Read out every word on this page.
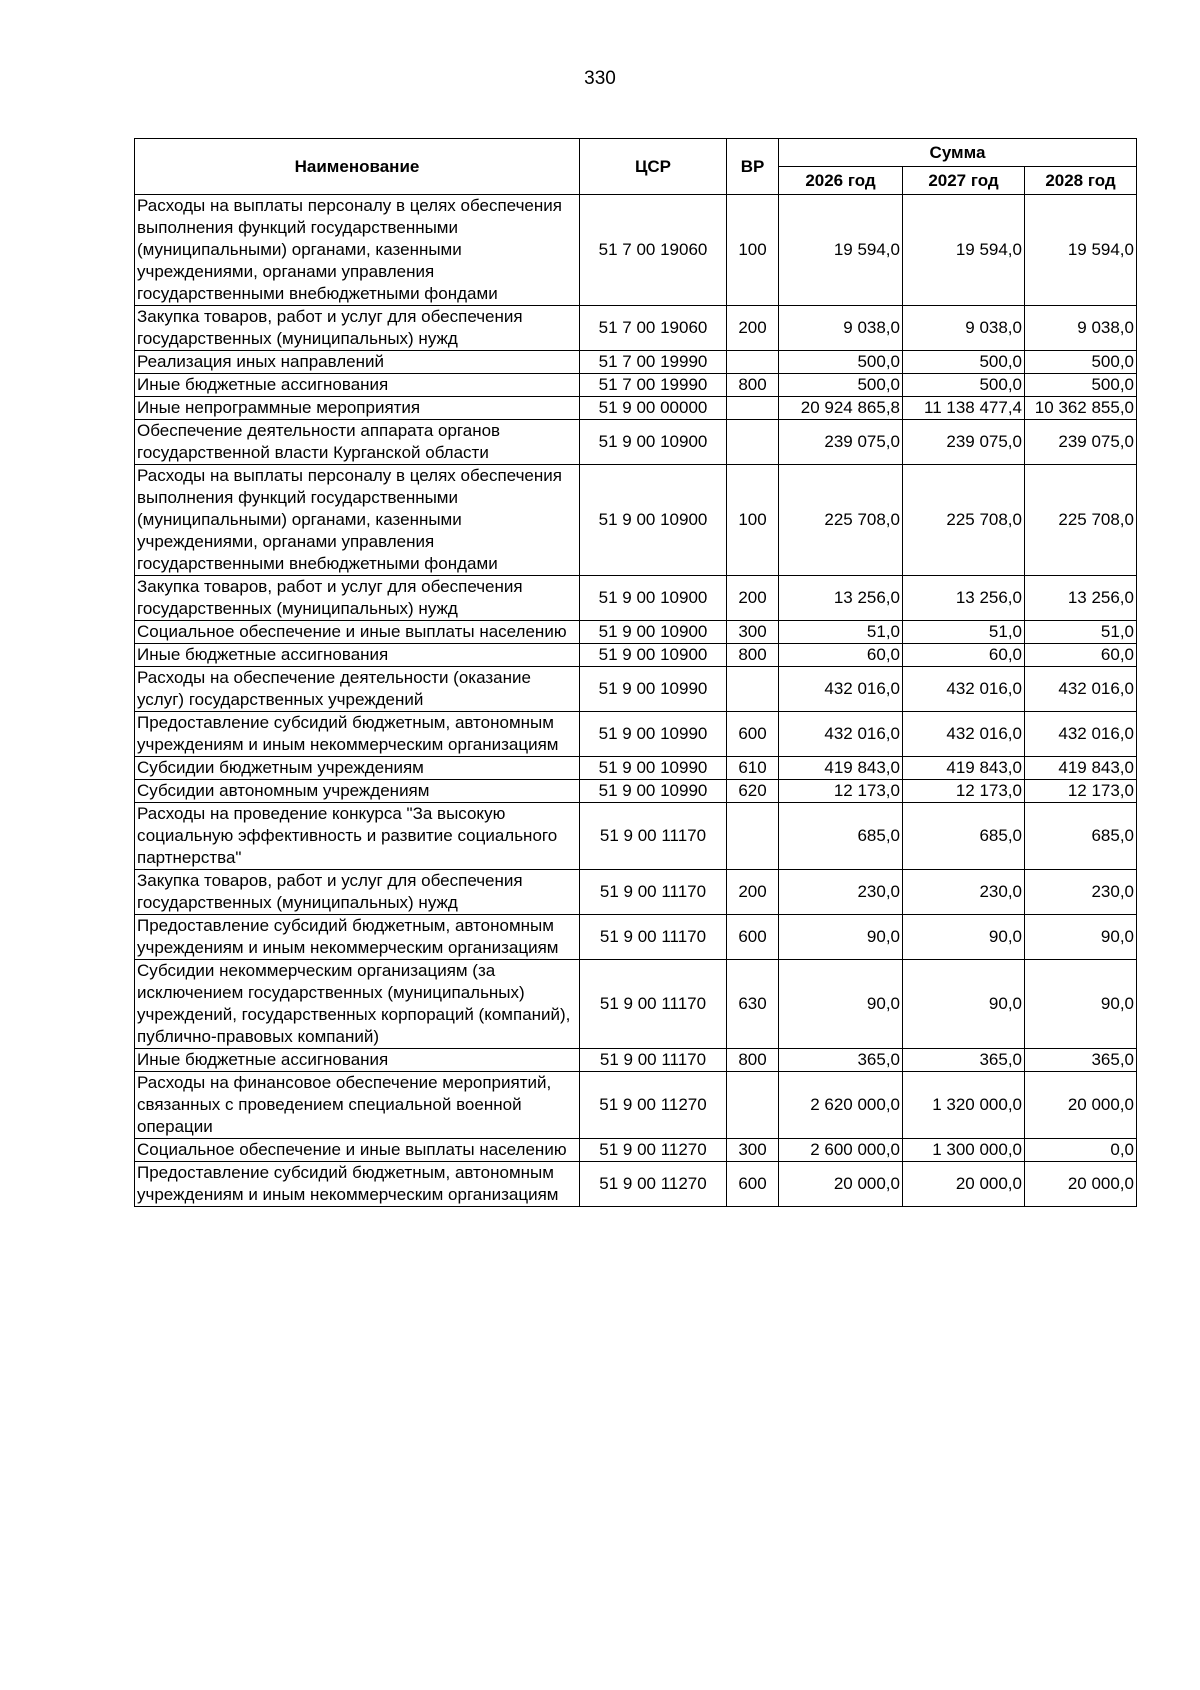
330
Наименование	ЦСР	ВР	Сумма		
			2026 год	2027 год	2028 год
Расходы на выплаты персоналу в целях обеспечения выполнения функций государственными (муниципальными) органами, казенными учреждениями, органами управления государственными внебюджетными фондами	51 7 00 19060	100	19 594,0	19 594,0	19 594,0
Закупка товаров, работ и услуг для обеспечения государственных (муниципальных) нужд	51 7 00 19060	200	9 038,0	9 038,0	9 038,0
Реализация иных направлений	51 7 00 19990		500,0	500,0	500,0
Иные бюджетные ассигнования	51 7 00 19990	800	500,0	500,0	500,0
Иные непрограммные мероприятия	51 9 00 00000		20 924 865,8	11 138 477,4	10 362 855,0
Обеспечение деятельности аппарата органов государственной власти Курганской области	51 9 00 10900		239 075,0	239 075,0	239 075,0
Расходы на выплаты персоналу в целях обеспечения выполнения функций государственными (муниципальными) органами, казенными учреждениями, органами управления государственными внебюджетными фондами	51 9 00 10900	100	225 708,0	225 708,0	225 708,0
Закупка товаров, работ и услуг для обеспечения государственных (муниципальных) нужд	51 9 00 10900	200	13 256,0	13 256,0	13 256,0
Социальное обеспечение и иные выплаты населению	51 9 00 10900	300	51,0	51,0	51,0
Иные бюджетные ассигнования	51 9 00 10900	800	60,0	60,0	60,0
Расходы на обеспечение деятельности (оказание услуг) государственных учреждений	51 9 00 10990		432 016,0	432 016,0	432 016,0
Предоставление субсидий бюджетным, автономным учреждениям и иным некоммерческим организациям	51 9 00 10990	600	432 016,0	432 016,0	432 016,0
Субсидии бюджетным учреждениям	51 9 00 10990	610	419 843,0	419 843,0	419 843,0
Субсидии автономным учреждениям	51 9 00 10990	620	12 173,0	12 173,0	12 173,0
Расходы на проведение конкурса "За высокую социальную эффективность и развитие социального партнерства"	51 9 00 11170		685,0	685,0	685,0
Закупка товаров, работ и услуг для обеспечения государственных (муниципальных) нужд	51 9 00 11170	200	230,0	230,0	230,0
Предоставление субсидий бюджетным, автономным учреждениям и иным некоммерческим организациям	51 9 00 11170	600	90,0	90,0	90,0
Субсидии некоммерческим организациям (за исключением государственных (муниципальных) учреждений, государственных корпораций (компаний), публично-правовых компаний)	51 9 00 11170	630	90,0	90,0	90,0
Иные бюджетные ассигнования	51 9 00 11170	800	365,0	365,0	365,0
Расходы на финансовое обеспечение мероприятий, связанных с проведением специальной военной операции	51 9 00 11270		2 620 000,0	1 320 000,0	20 000,0
Социальное обеспечение и иные выплаты населению	51 9 00 11270	300	2 600 000,0	1 300 000,0	0,0
Предоставление субсидий бюджетным, автономным учреждениям и иным некоммерческим организациям	51 9 00 11270	600	20 000,0	20 000,0	20 000,0
